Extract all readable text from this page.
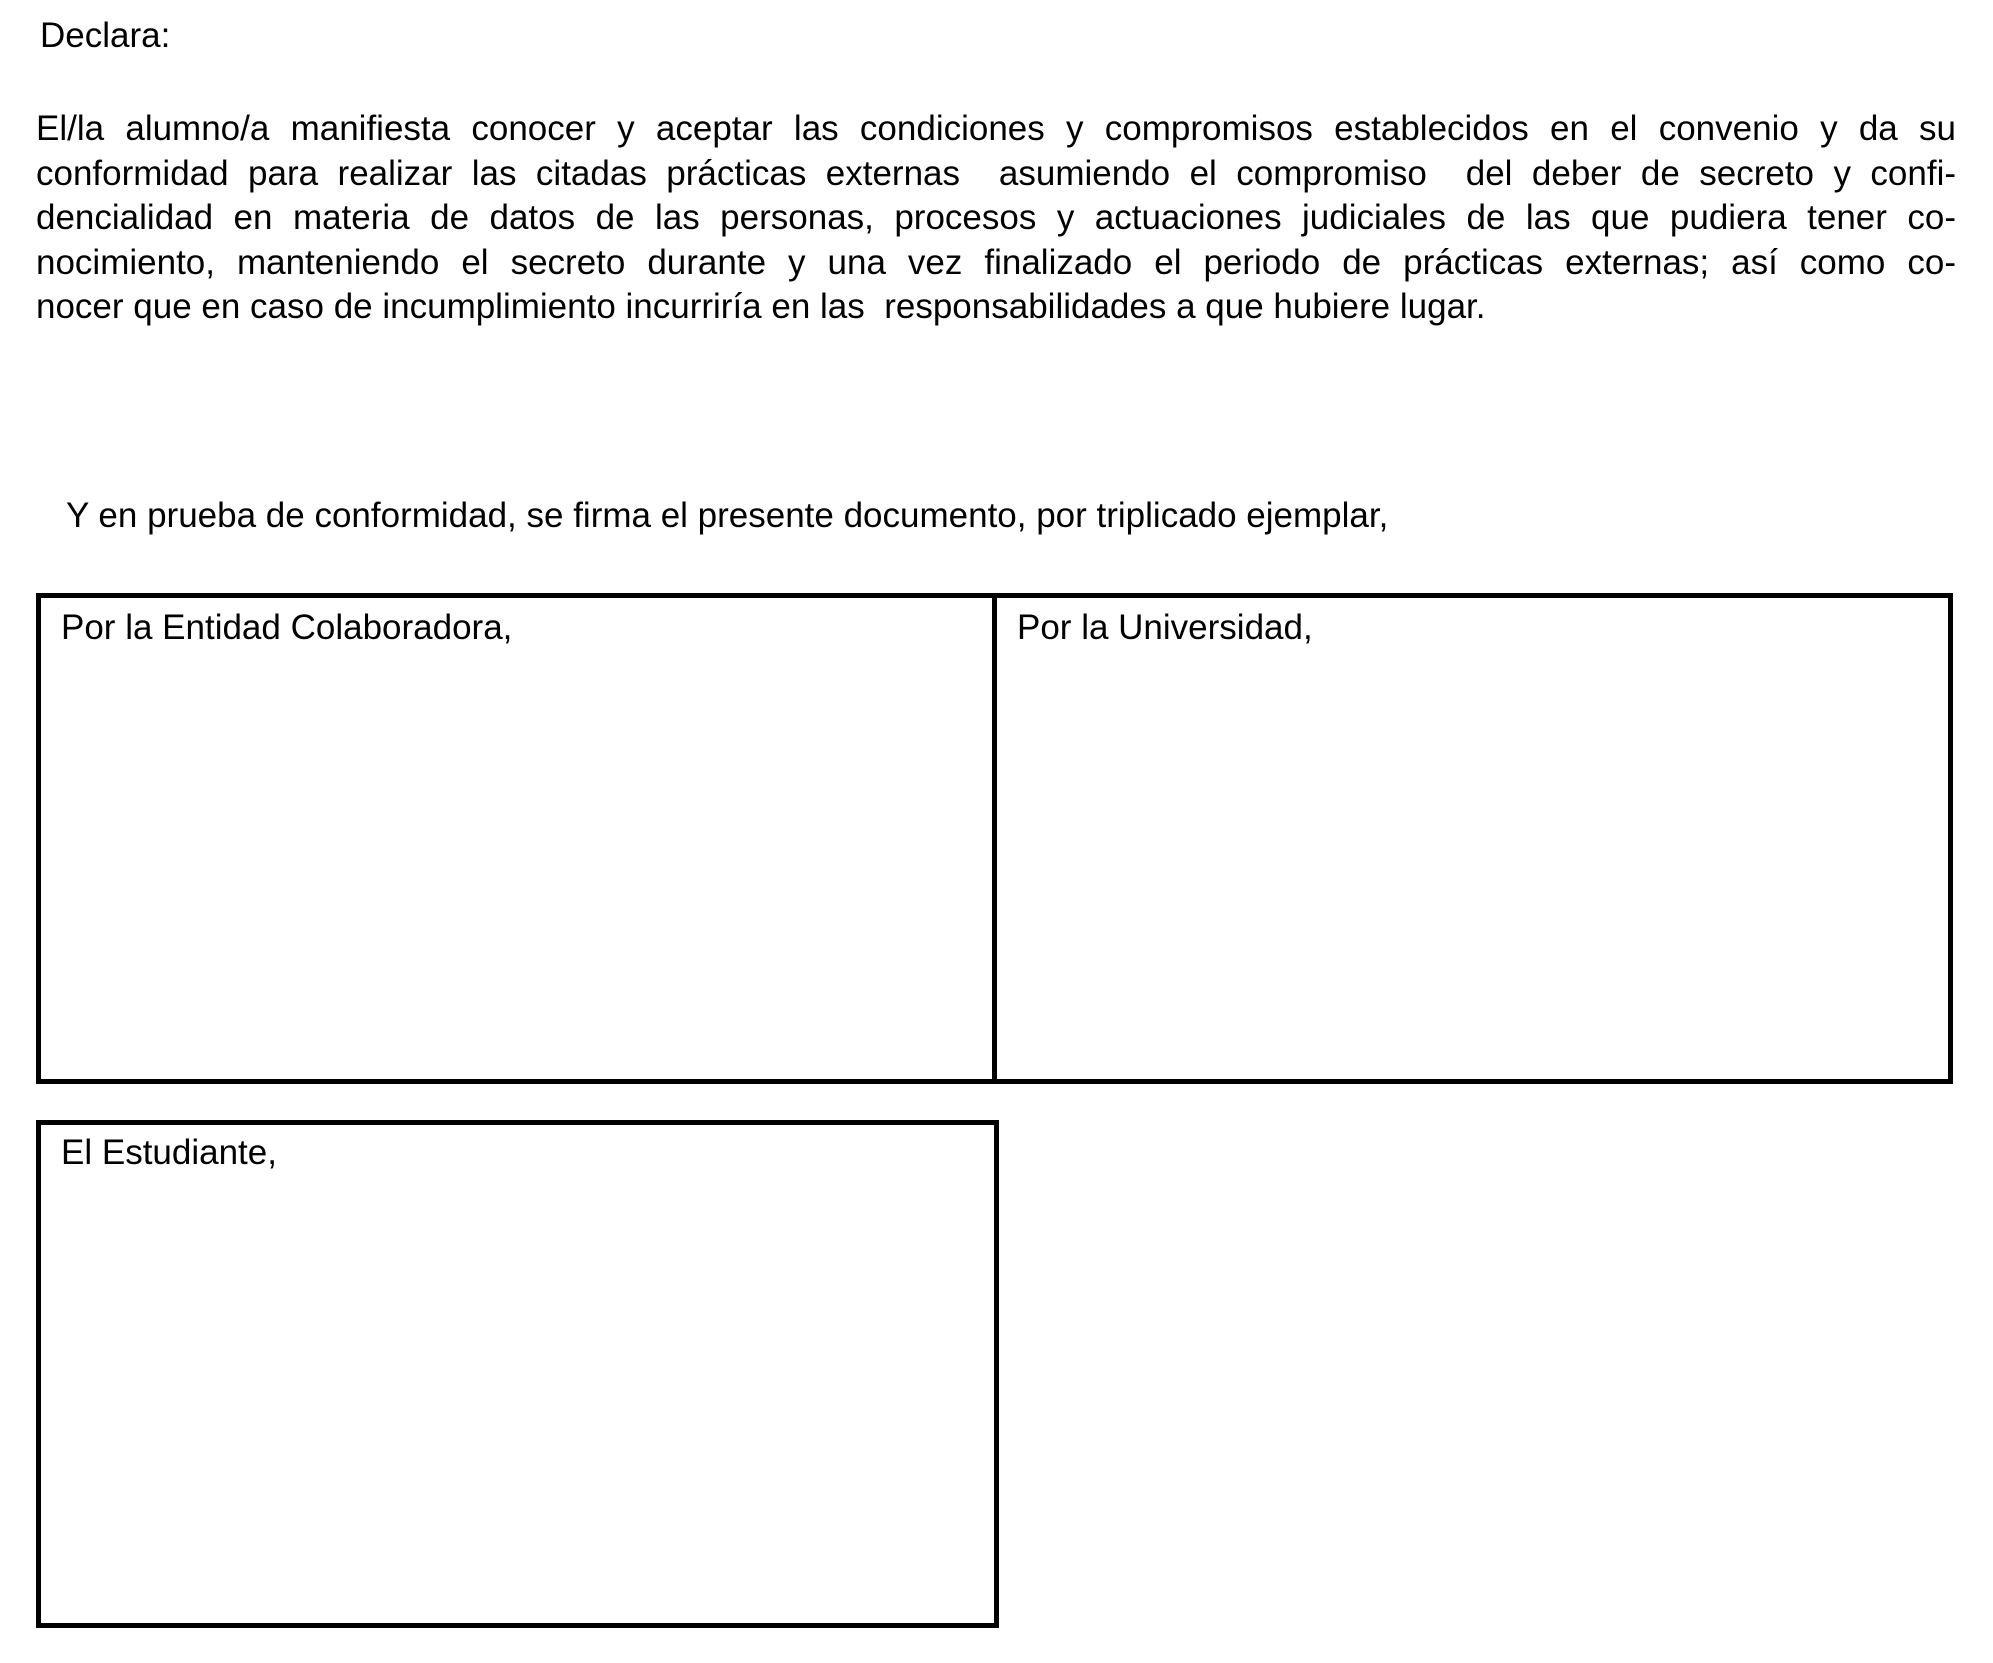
Declara:
El/la alumno/a manifiesta conocer y aceptar las condiciones y compromisos establecidos en el convenio y da su
conformidad para realizar las citadas prácticas externas  asumiendo el compromiso  del deber de secreto y confi-
dencialidad en materia de datos de las personas, procesos y actuaciones judiciales de las que pudiera tener co-
nocimiento, manteniendo el secreto durante y una vez finalizado el periodo de prácticas externas; así como co-
nocer que en caso de incumplimiento incurriría en las  responsabilidades a que hubiere lugar.
Y en prueba de conformidad, se firma el presente documento, por triplicado ejemplar,
Por la Entidad Colaboradora,	Por la Universidad,
El Estudiante,
